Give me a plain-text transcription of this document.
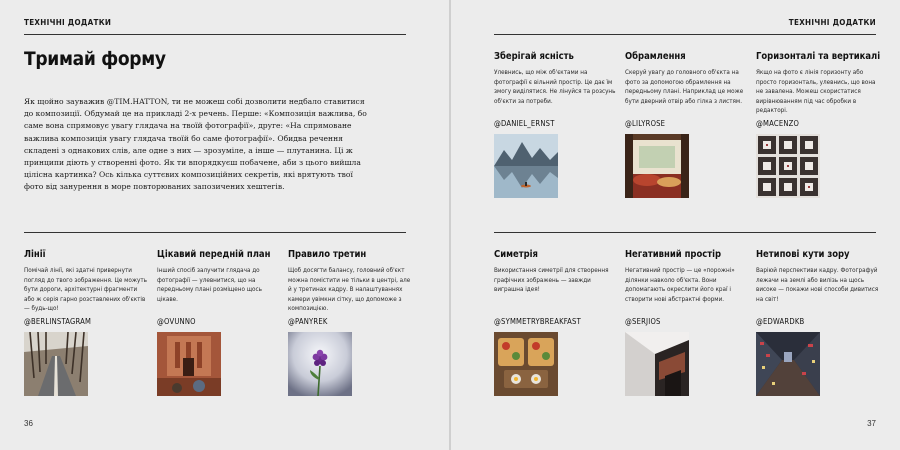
ТЕХНІЧНІ ДОДАТКИ
Тримай форму
Як щойно зауважив @TIM.HATTON, ти не можеш собі дозволити недбало ставитися до композиції. Обдумай це на прикладі 2-х речень. Перше: «Композиція важлива, бо саме вона спрямовує увагу глядача на твоїй фотографії», друге: «На спрямоване важлива композиція увагу глядача твоїй бо саме фотографії». Обидва речення складені з однакових слів, але одне з них — зрозуміле, а інше — плутанина. Ці ж принципи діють у створенні фото. Як ти впорядкуєш побачене, аби з цього вийшла цілісна картинка? Ось кілька суттєвих композиційних секретів, які врятують твої фото від занурення в море повторюваних запозичених хештегів.
Лінії
Помічай лінії, які здатні привернути погляд до твого зображення. Це можуть бути дороги, архітектурні фрагменти або ж серія гарно розставлених об'єктів — будь-що!
@BERLINSTAGRAM
Цікавий передній план
Інший спосіб залучити глядача до фотографії — улевнитися, що на передньому плані розміщено щось цікаве.
@OVUNNO
Правило третин
Щоб досягти балансу, головний об'єкт можна помістити не тільки в центрі, але й у третинах кадру. В налаштуваннях камери увімкни сітку, що допоможе з композицією.
@PANYREK
36
ТЕХНІЧНІ ДОДАТКИ
Зберігай ясність
Улевнись, що між об'єктами на фотографії є вільний простір. Це дає їм змогу виділятися. Не лінуйся та розсунь об'єкти за потреби.
@DANIEL_ERNST
Обрамлення
Скеруй увагу до головного об'єкта на фото за допомогою обрамлення на передньому плані. Наприклад це може бути дверний отвір або гілка з листям.
@LILYROSE
Горизонталі та вертикалі
Якщо на фото є лінія горизонту або просто горизонталь, улевнись, що вона не завалена. Можеш скористатися вирівнюванням під час обробки в редакторі.
@MACENZO
Симетрія
Використання симетрії для створення графічних зображень — завжди виграшна ідея!
@SYMMETRYBREAKFAST
Негативний простір
Негативний простір — це «порожні» ділянки навколо об'єкта. Вони допомагають окреслити його краї і створити нові абстрактні форми.
@SERJIOS
Нетипові кути зору
Варіюй перспективи кадру. Фотографуй лежачи на землі або вилізь на щось високе — покажи нові способи дивитися на світ!
@EDWARDKB
37
